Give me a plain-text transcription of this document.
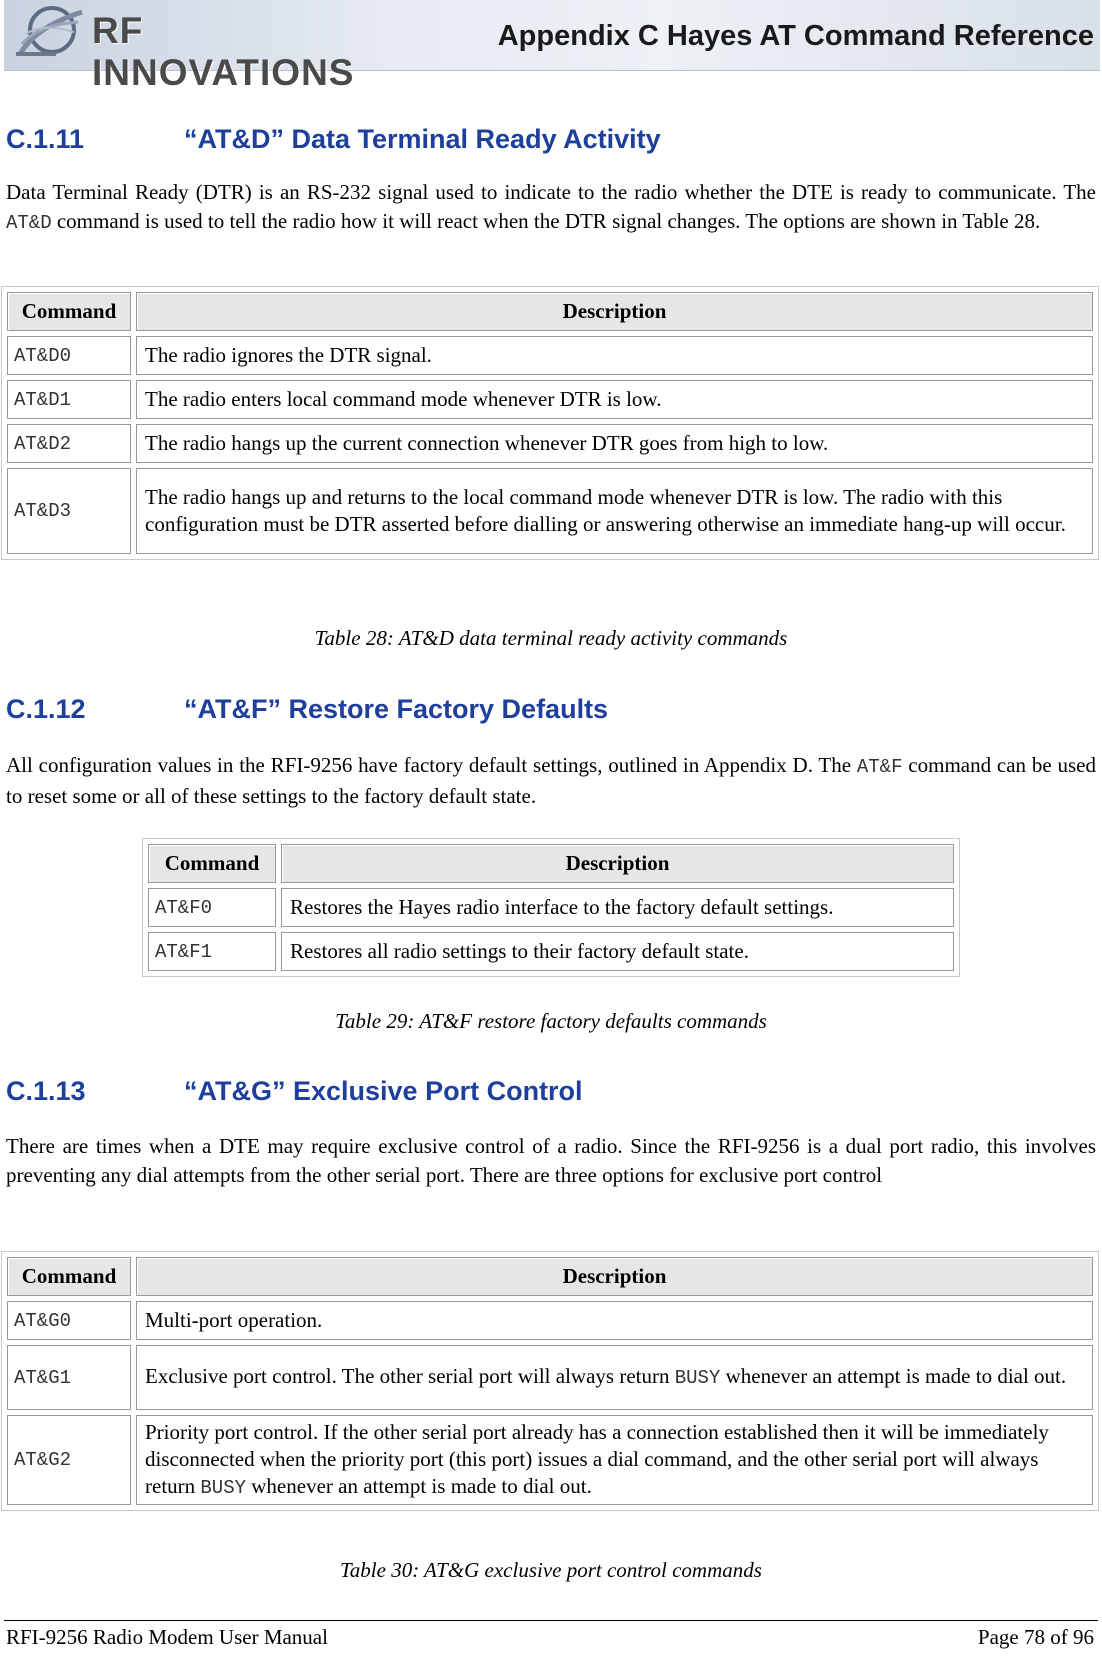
RF INNOVATIONS
Appendix C Hayes AT Command Reference
C.1.11	“AT&D” Data Terminal Ready Activity
Data Terminal Ready (DTR) is an RS-232 signal used to indicate to the radio whether the DTE is ready to communicate. The AT&D command is used to tell the radio how it will react when the DTR signal changes. The options are shown in Table 28.
Command	Description
AT&D0	The radio ignores the DTR signal.
AT&D1	The radio enters local command mode whenever DTR is low.
AT&D2	The radio hangs up the current connection whenever DTR goes from high to low.
AT&D3	The radio hangs up and returns to the local command mode whenever DTR is low. The radio with this configuration must be DTR asserted before dialling or answering otherwise an immediate hang-up will occur.
Table 28: AT&D data terminal ready activity commands
C.1.12	“AT&F” Restore Factory Defaults
All configuration values in the RFI-9256 have factory default settings, outlined in Appendix D. The AT&F command can be used to reset some or all of these settings to the factory default state.
Command	Description
AT&F0	Restores the Hayes radio interface to the factory default settings.
AT&F1	Restores all radio settings to their factory default state.
Table 29: AT&F restore factory defaults commands
C.1.13	“AT&G” Exclusive Port Control
There are times when a DTE may require exclusive control of a radio. Since the RFI-9256 is a dual port radio, this involves preventing any dial attempts from the other serial port. There are three options for exclusive port control
Command	Description
AT&G0	Multi-port operation.
AT&G1	Exclusive port control. The other serial port will always return BUSY whenever an attempt is made to dial out.
AT&G2	Priority port control. If the other serial port already has a connection established then it will be immediately disconnected when the priority port (this port) issues a dial command, and the other serial port will always return BUSY whenever an attempt is made to dial out.
Table 30: AT&G exclusive port control commands
RFI-9256 Radio Modem User Manual	Page 78 of 96
